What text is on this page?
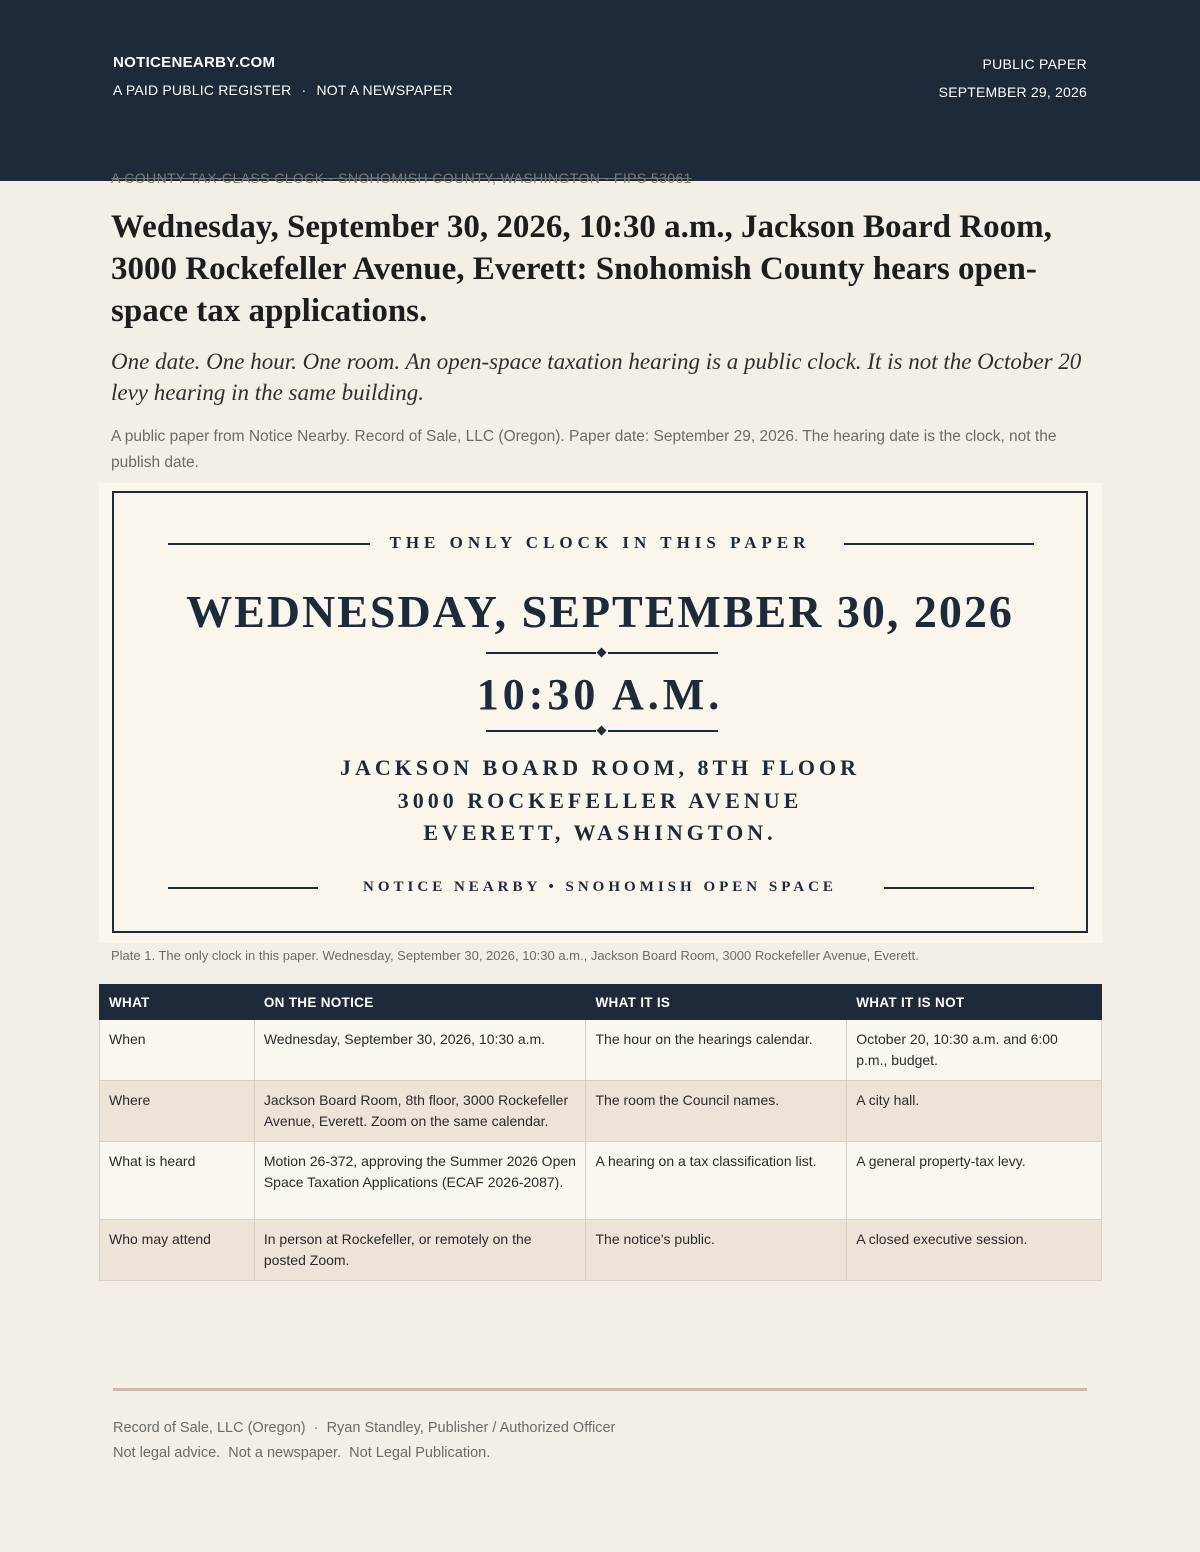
NOTICENEARBY.COM
A PAID PUBLIC REGISTER · NOT A NEWSPAPER
PUBLIC PAPER
SEPTEMBER 29, 2026
A COUNTY TAX-CLASS CLOCK · SNOHOMISH COUNTY, WASHINGTON · FIPS 53061
Wednesday, September 30, 2026, 10:30 a.m., Jackson Board Room, 3000 Rockefeller Avenue, Everett: Snohomish County hears open-space tax applications.

One date. One hour. One room. An open-space taxation hearing is a public clock. It is not the October 20 levy hearing in the same building.

A public paper from Notice Nearby. Record of Sale, LLC (Oregon). Paper date: September 29, 2026. The hearing date is the clock, not the publish date.

THE ONLY CLOCK IN THIS PAPER
WEDNESDAY, SEPTEMBER 30, 2026
10:30 A.M.
JACKSON BOARD ROOM, 8TH FLOOR
3000 ROCKEFELLER AVENUE
EVERETT, WASHINGTON.
NOTICE NEARBY • SNOHOMISH OPEN SPACE
Plate 1. The only clock in this paper. Wednesday, September 30, 2026, 10:30 a.m., Jackson Board Room, 3000 Rockefeller Avenue, Everett.
WHAT	ON THE NOTICE	WHAT IT IS	WHAT IT IS NOT
When	Wednesday, September 30, 2026, 10:30 a.m.	The hour on the hearings calendar.	October 20, 10:30 a.m. and 6:00 p.m., budget.
Where	Jackson Board Room, 8th floor, 3000 Rockefeller Avenue, Everett. Zoom on the same calendar.	The room the Council names.	A city hall.
What is heard	Motion 26-372, approving the Summer 2026 Open Space Taxation Applications (ECAF 2026-2087).	A hearing on a tax classification list.	A general property-tax levy.
Who may attend	In person at Rockefeller, or remotely on the posted Zoom.	The notice's public.	A closed executive session.
Record of Sale, LLC (Oregon)  ·  Ryan Standley, Publisher / Authorized Officer
Not legal advice.  Not a newspaper.  Not Legal Publication.
